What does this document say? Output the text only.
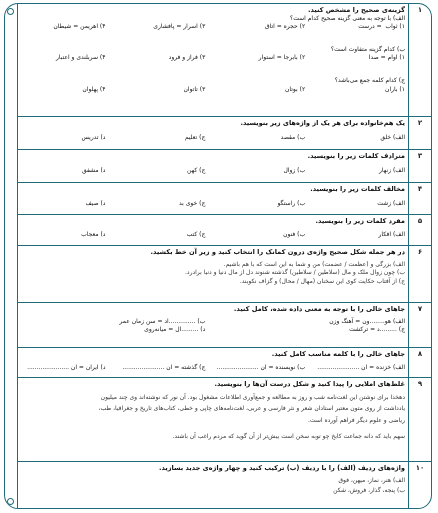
۱
گزینه‌ی صحیح را مشخص کنید.
الف) با توجه به معنی گزینه صحیح کدام است؟
۱) ثواب ‌ = درست
۲) حجره = اتاق
۳) اسرار = پافشاری
۴) اهریمن = شیطان
ب) کدام گزینه متفاوت است؟
۱) اوام = صدا
۲) بابرجا = استوار
۳) فراز و فرود
۴) سربلندی و اعتبار
ج) کدام کلمه جمع می‌باشد؟
۱) باران
۲) بوتان
۳) تاتوان
۴) پهلوان
۲
یک هم‌خانواده برای هر یک از واژه‌های زیر بنویسید.
الف) خلق
ب) مقصد
ج) تعلیم
د) تدریس
۳
مترادف کلمات زیر را بنویسید.
الف) زنهار
ب) زوال
ج) کهن
د) مشفق
۴
مخالف کلمات زیر را بنویسید.
الف) زشت
ب) راستگو
ج) خوی بد
د) صیف
۵
مفرد کلمات زیر را بنویسید.
الف) افکار
ب) فنون
ج) کتب
د) معجاب
۶
در هر جمله شکل صحیح واژه‌ی درون کمانک را انتخاب کنید و زیر آن خط بکشید.
الف) بزرگی و (عظمت / عضمت) من و شما به این است که با هم باشیم.
ب) چون زوال ملک و مال (سلاطین / سلاطین) گذشته شنوند دل از مال دنیا و دنیا برادرد.
ج) از آفتاب حکایت کوی این سخنان (مهال / محال) و گزاف نکوبند.
۷
جاهای خالی را با توجه به معنی داده شده، کامل کنید.
الف) هو........ون = آهنگ وزن
ب) ..............اد = سن زمان عمر
ج) .........د = ترکشت
د) .........ال = میانه‌روی
۸
جاهای خالی را با کلمه مناسب کامل کنید.
الف) خزنده = ان ......................
ب) نویسنده = ان ......................
ج) گذشته = ان ......................
د) ایران = ان ......................
۹
غلط‌های املایی را پیدا کنید و شکل درست آن‌ها را بنویسید.
دهخدا برای نوشتن این لغت‌نامه شب و روز به مطالعه و جمع‌آوری اطلاعات مشغول بود. آن نور که نوشته‌اند وی چند میلیون
یادداشت از روی متون معتبر استادان شعر و نثر فارسی و عربی، لغت‌نامه‌های چاپی و خطی، کتاب‌های تاریخ و جغرافیا، طب،
ریاضی و علوم دیگر فراهم آورده است.
سهم باید که دانه جماعت کابخ چو توبه سخن است بیش‌تر از آن گوید که مردم راغب آن باشند.
۱۰
واژه‌های ردیف (الف) را با ردیف (ب) ترکیب کنید و چهار واژه‌ی جدید بسازید.
الف) هنر، نماز، میهن، فوق
ب) پنجه، گذار، فروش، شکن
